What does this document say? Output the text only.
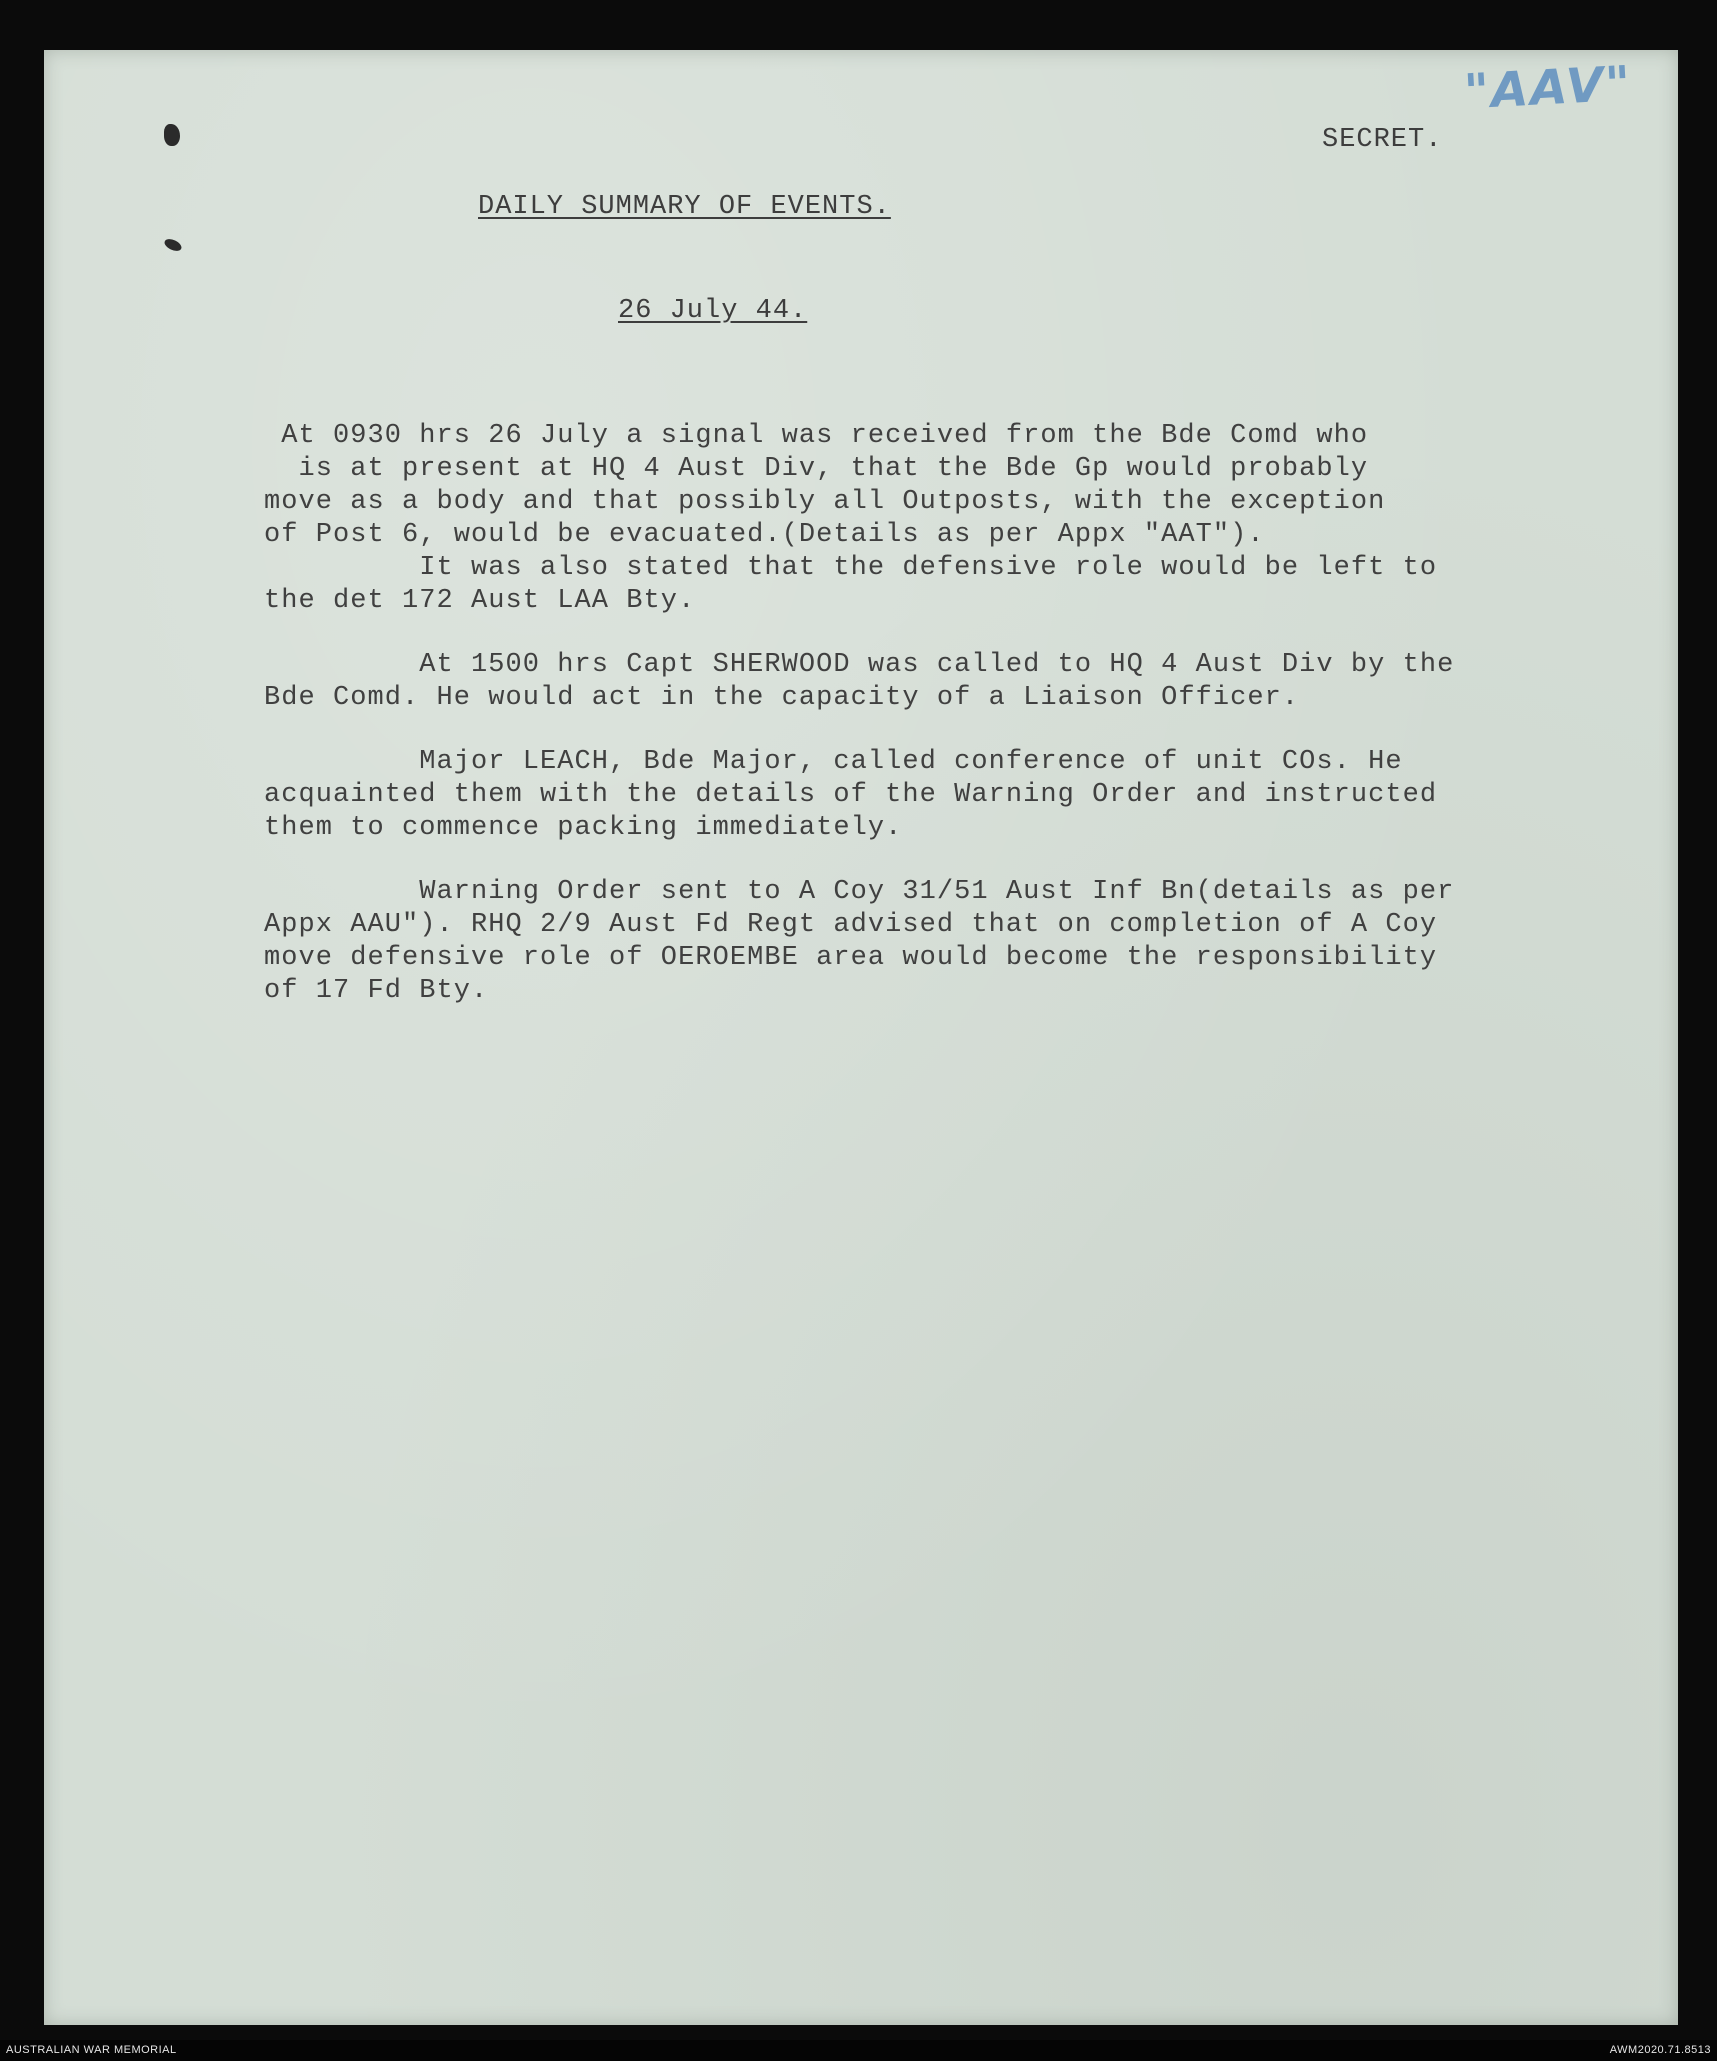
"AAV"
SECRET.
DAILY SUMMARY OF EVENTS.
26 July 44.

At 0930 hrs 26 July a signal was received from the Bde Comd who
is at present at HQ 4 Aust Div, that the Bde Gp would probably
move as a body and that possibly all Outposts, with the exception
of Post 6, would be evacuated.(Details as per Appx "AAT").
It was also stated that the defensive role would be left to
the det 172 Aust LAA Bty.

At 1500 hrs Capt SHERWOOD was called to HQ 4 Aust Div by the
Bde Comd. He would act in the capacity of a Liaison Officer.

Major LEACH, Bde Major, called conference of unit COs. He
acquainted them with the details of the Warning Order and instructed
them to commence packing immediately.

Warning Order sent to A Coy 31/51 Aust Inf Bn(details as per
Appx AAU"). RHQ 2/9 Aust Fd Regt advised that on completion of A Coy
move defensive role of OEROEMBE area would become the responsibility
of 17 Fd Bty.

AUSTRALIAN WAR MEMORIAL	AWM2020.71.8513
